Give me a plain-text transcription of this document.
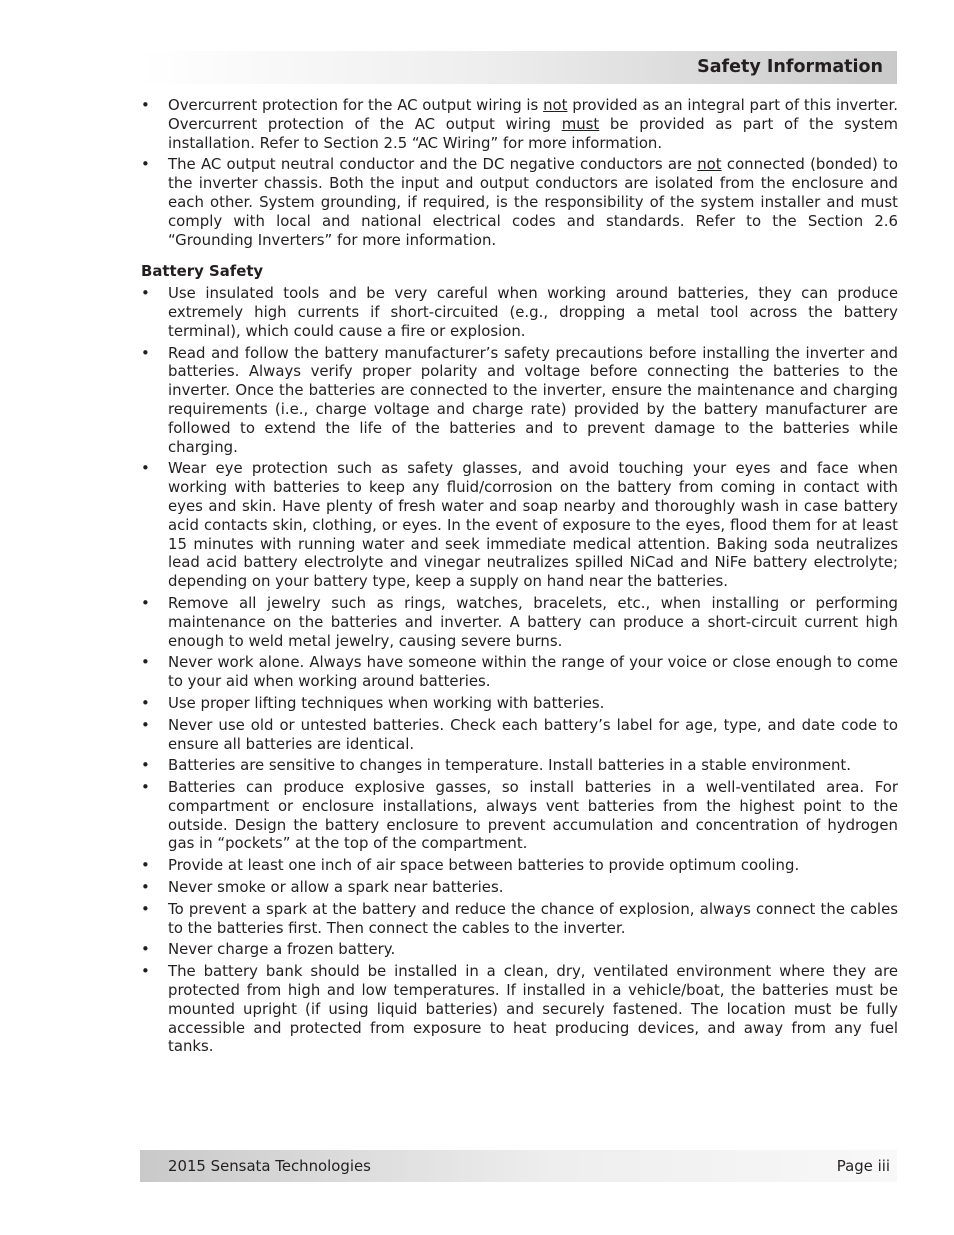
Safety Information
• Overcurrent protection for the AC output wiring is not provided as an integral part of this inverter. Overcurrent protection of the AC output wiring must be provided as part of the system installation. Refer to Section 2.5 “AC Wiring” for more information.
• The AC output neutral conductor and the DC negative conductors are not connected (bonded) to the inverter chassis. Both the input and output conductors are isolated from the enclosure and each other. System grounding, if required, is the responsibility of the system installer and must comply with local and national electrical codes and standards. Refer to the Section 2.6 “Grounding Inverters” for more information.
Battery Safety
• Use insulated tools and be very careful when working around batteries, they can produce extremely high currents if short-circuited (e.g., dropping a metal tool across the battery terminal), which could cause a fire or explosion.
• Read and follow the battery manufacturer’s safety precautions before installing the inverter and batteries. Always verify proper polarity and voltage before connecting the batteries to the inverter. Once the batteries are connected to the inverter, ensure the maintenance and charging requirements (i.e., charge voltage and charge rate) provided by the battery manufacturer are followed to extend the life of the batteries and to prevent damage to the batteries while charging.
• Wear eye protection such as safety glasses, and avoid touching your eyes and face when working with batteries to keep any fluid/corrosion on the battery from coming in contact with eyes and skin. Have plenty of fresh water and soap nearby and thoroughly wash in case battery acid contacts skin, clothing, or eyes. In the event of exposure to the eyes, flood them for at least 15 minutes with running water and seek immediate medical attention. Baking soda neutralizes lead acid battery electrolyte and vinegar neutralizes spilled NiCad and NiFe battery electrolyte; depending on your battery type, keep a supply on hand near the batteries.
• Remove all jewelry such as rings, watches, bracelets, etc., when installing or performing maintenance on the batteries and inverter. A battery can produce a short-circuit current high enough to weld metal jewelry, causing severe burns.
• Never work alone. Always have someone within the range of your voice or close enough to come to your aid when working around batteries.
• Use proper lifting techniques when working with batteries.
• Never use old or untested batteries. Check each battery’s label for age, type, and date code to ensure all batteries are identical.
• Batteries are sensitive to changes in temperature. Install batteries in a stable environment.
• Batteries can produce explosive gasses, so install batteries in a well-ventilated area. For compartment or enclosure installations, always vent batteries from the highest point to the outside. Design the battery enclosure to prevent accumulation and concentration of hydrogen gas in “pockets” at the top of the compartment.
• Provide at least one inch of air space between batteries to provide optimum cooling.
• Never smoke or allow a spark near batteries.
• To prevent a spark at the battery and reduce the chance of explosion, always connect the cables to the batteries first. Then connect the cables to the inverter.
• Never charge a frozen battery.
• The battery bank should be installed in a clean, dry, ventilated environment where they are protected from high and low temperatures. If installed in a vehicle/boat, the batteries must be mounted upright (if using liquid batteries) and securely fastened. The location must be fully accessible and protected from exposure to heat producing devices, and away from any fuel tanks.
2015 Sensata Technologies	Page iii
